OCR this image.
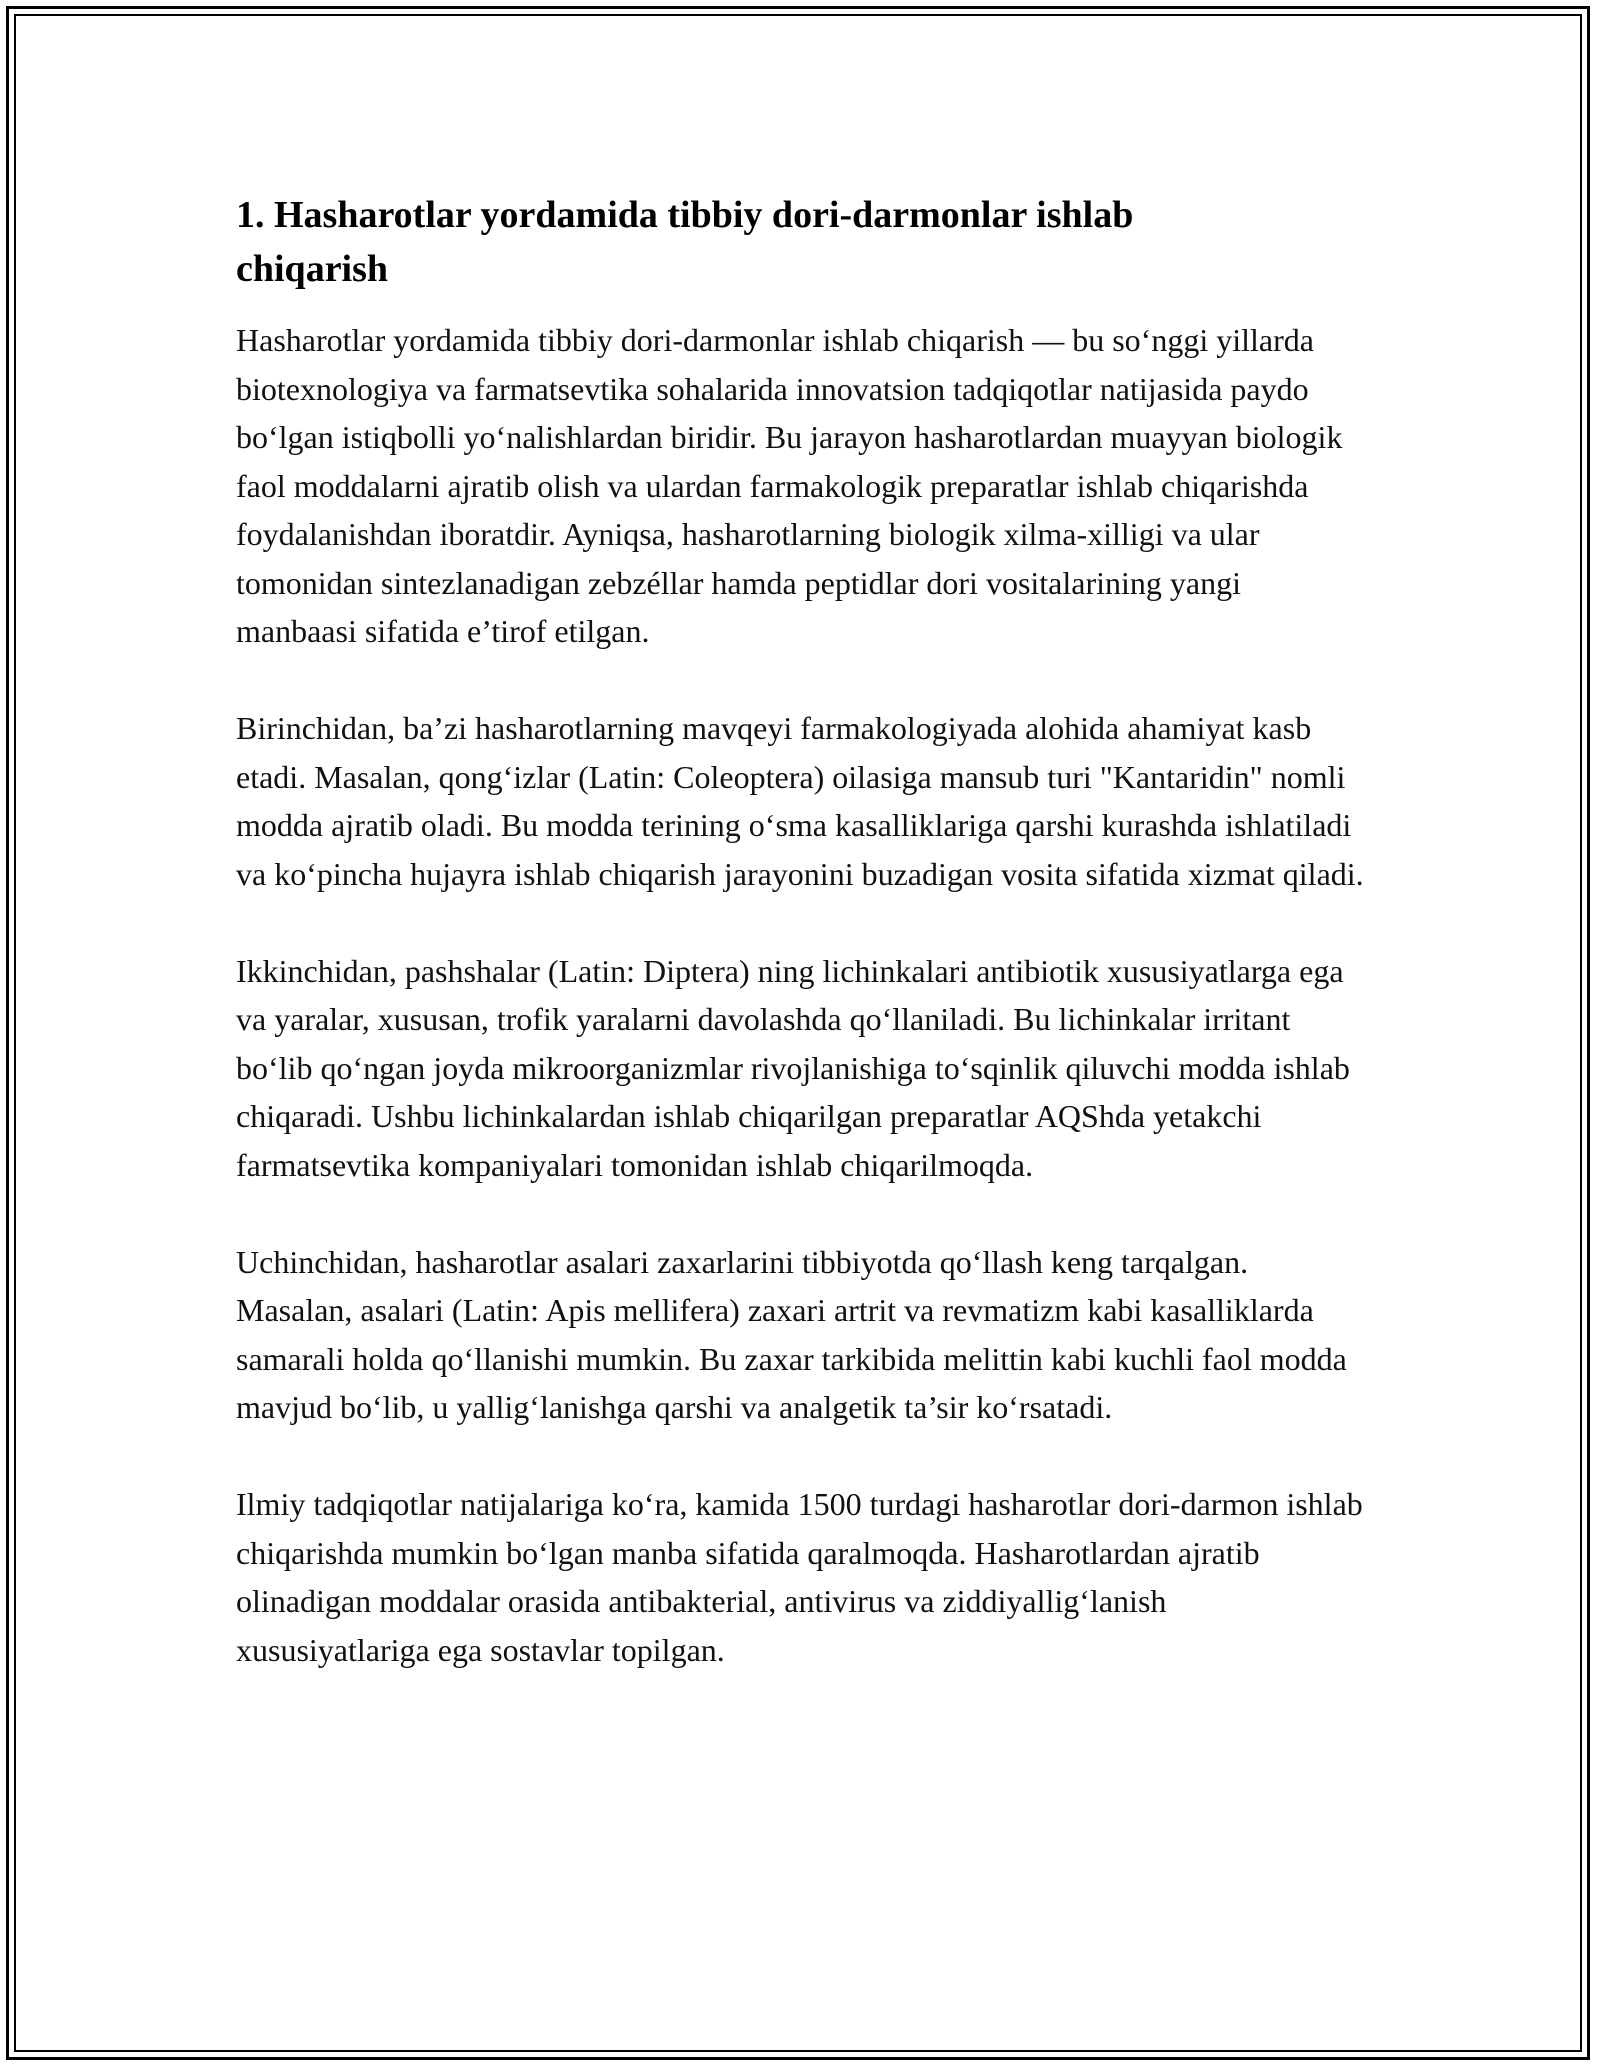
1. Hasharotlar yordamida tibbiy dori-darmonlar ishlab chiqarish

Hasharotlar yordamida tibbiy dori-darmonlar ishlab chiqarish — bu so‘nggi yillarda biotexnologiya va farmatsevtika sohalarida innovatsion tadqiqotlar natijasida paydo bo‘lgan istiqbolli yo‘nalishlardan biridir. Bu jarayon hasharotlardan muayyan biologik faol moddalarni ajratib olish va ulardan farmakologik preparatlar ishlab chiqarishda foydalanishdan iboratdir. Ayniqsa, hasharotlarning biologik xilma-xilligi va ular tomonidan sintezlanadigan zebzéllar hamda peptidlar dori vositalarining yangi manbaasi sifatida e’tirof etilgan.

Birinchidan, ba’zi hasharotlarning mavqeyi farmakologiyada alohida ahamiyat kasb etadi. Masalan, qong‘izlar (Latin: Coleoptera) oilasiga mansub turi "Kantaridin" nomli modda ajratib oladi. Bu modda terining o‘sma kasalliklariga qarshi kurashda ishlatiladi va ko‘pincha hujayra ishlab chiqarish jarayonini buzadigan vosita sifatida xizmat qiladi.

Ikkinchidan, pashshalar (Latin: Diptera) ning lichinkalari antibiotik xususiyatlarga ega va yaralar, xususan, trofik yaralarni davolashda qo‘llaniladi. Bu lichinkalar irritant bo‘lib qo‘ngan joyda mikroorganizmlar rivojlanishiga to‘sqinlik qiluvchi modda ishlab chiqaradi. Ushbu lichinkalardan ishlab chiqarilgan preparatlar AQShda yetakchi farmatsevtika kompaniyalari tomonidan ishlab chiqarilmoqda.

Uchinchidan, hasharotlar asalari zaxarlarini tibbiyotda qo‘llash keng tarqalgan. Masalan, asalari (Latin: Apis mellifera) zaxari artrit va revmatizm kabi kasalliklarda samarali holda qo‘llanishi mumkin. Bu zaxar tarkibida melittin kabi kuchli faol modda mavjud bo‘lib, u yallig‘lanishga qarshi va analgetik ta’sir ko‘rsatadi.

Ilmiy tadqiqotlar natijalariga ko‘ra, kamida 1500 turdagi hasharotlar dori-darmon ishlab chiqarishda mumkin bo‘lgan manba sifatida qaralmoqda. Hasharotlardan ajratib olinadigan moddalar orasida antibakterial, antivirus va ziddiyallig‘lanish xususiyatlariga ega sostavlar topilgan.
